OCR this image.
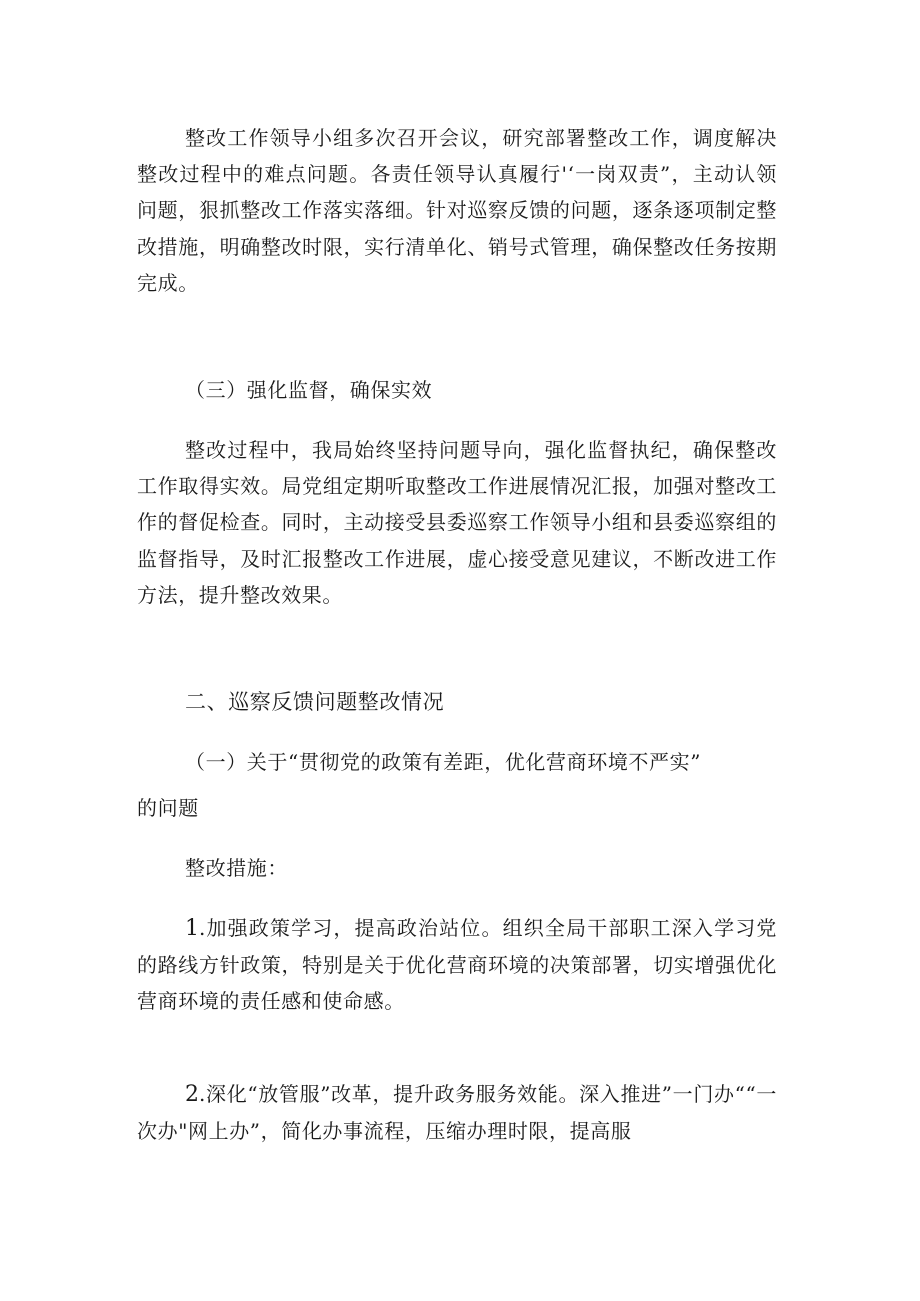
整改工作领导小组多次召开会议，研究部署整改工作，调度解决整改过程中的难点问题。各责任领导认真履行'‘一岗双责”，主动认领问题，狠抓整改工作落实落细。针对巡察反馈的问题，逐条逐项制定整改措施，明确整改时限，实行清单化、销号式管理，确保整改任务按期完成。

（三）强化监督，确保实效

整改过程中，我局始终坚持问题导向，强化监督执纪，确保整改工作取得实效。局党组定期听取整改工作进展情况汇报，加强对整改工作的督促检查。同时，主动接受县委巡察工作领导小组和县委巡察组的监督指导，及时汇报整改工作进展，虚心接受意见建议，不断改进工作方法，提升整改效果。

二、巡察反馈问题整改情况

（一）关于“贯彻党的政策有差距，优化营商环境不严实”

的问题

整改措施：

1.加强政策学习，提高政治站位。组织全局干部职工深入学习党的路线方针政策，特别是关于优化营商环境的决策部署，切实增强优化营商环境的责任感和使命感。

2.深化“放管服”改革，提升政务服务效能。深入推进”一门办““一次办"网上办”，简化办事流程，压缩办理时限，提高服
